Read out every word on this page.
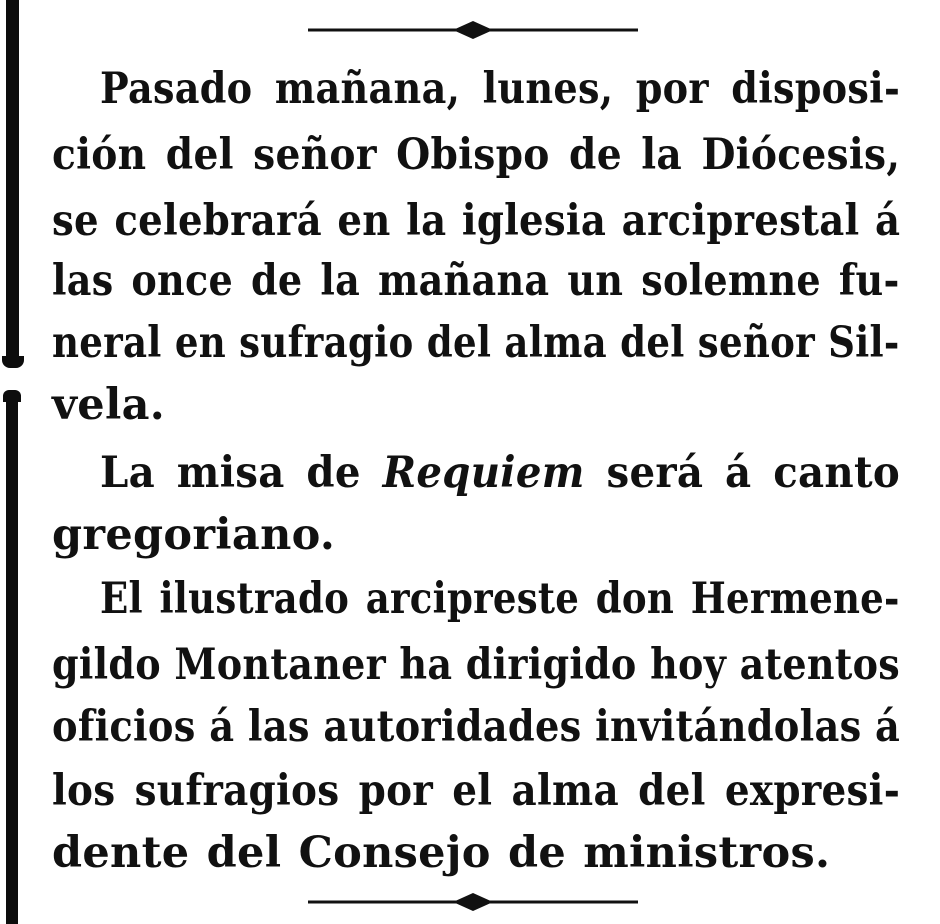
Pasado mañana, lunes, por disposi-
ción del señor Obispo de la Diócesis,
se celebrará en la iglesia arciprestal á
las once de la mañana un solemne fu-
neral en sufragio del alma del señor Sil-
vela.
La misa de Requiem será á canto
gregoriano.
El ilustrado arcipreste don Hermene-
gildo Montaner ha dirigido hoy atentos
oficios á las autoridades invitándolas á
los sufragios por el alma del expresi-
dente del Consejo de ministros.
